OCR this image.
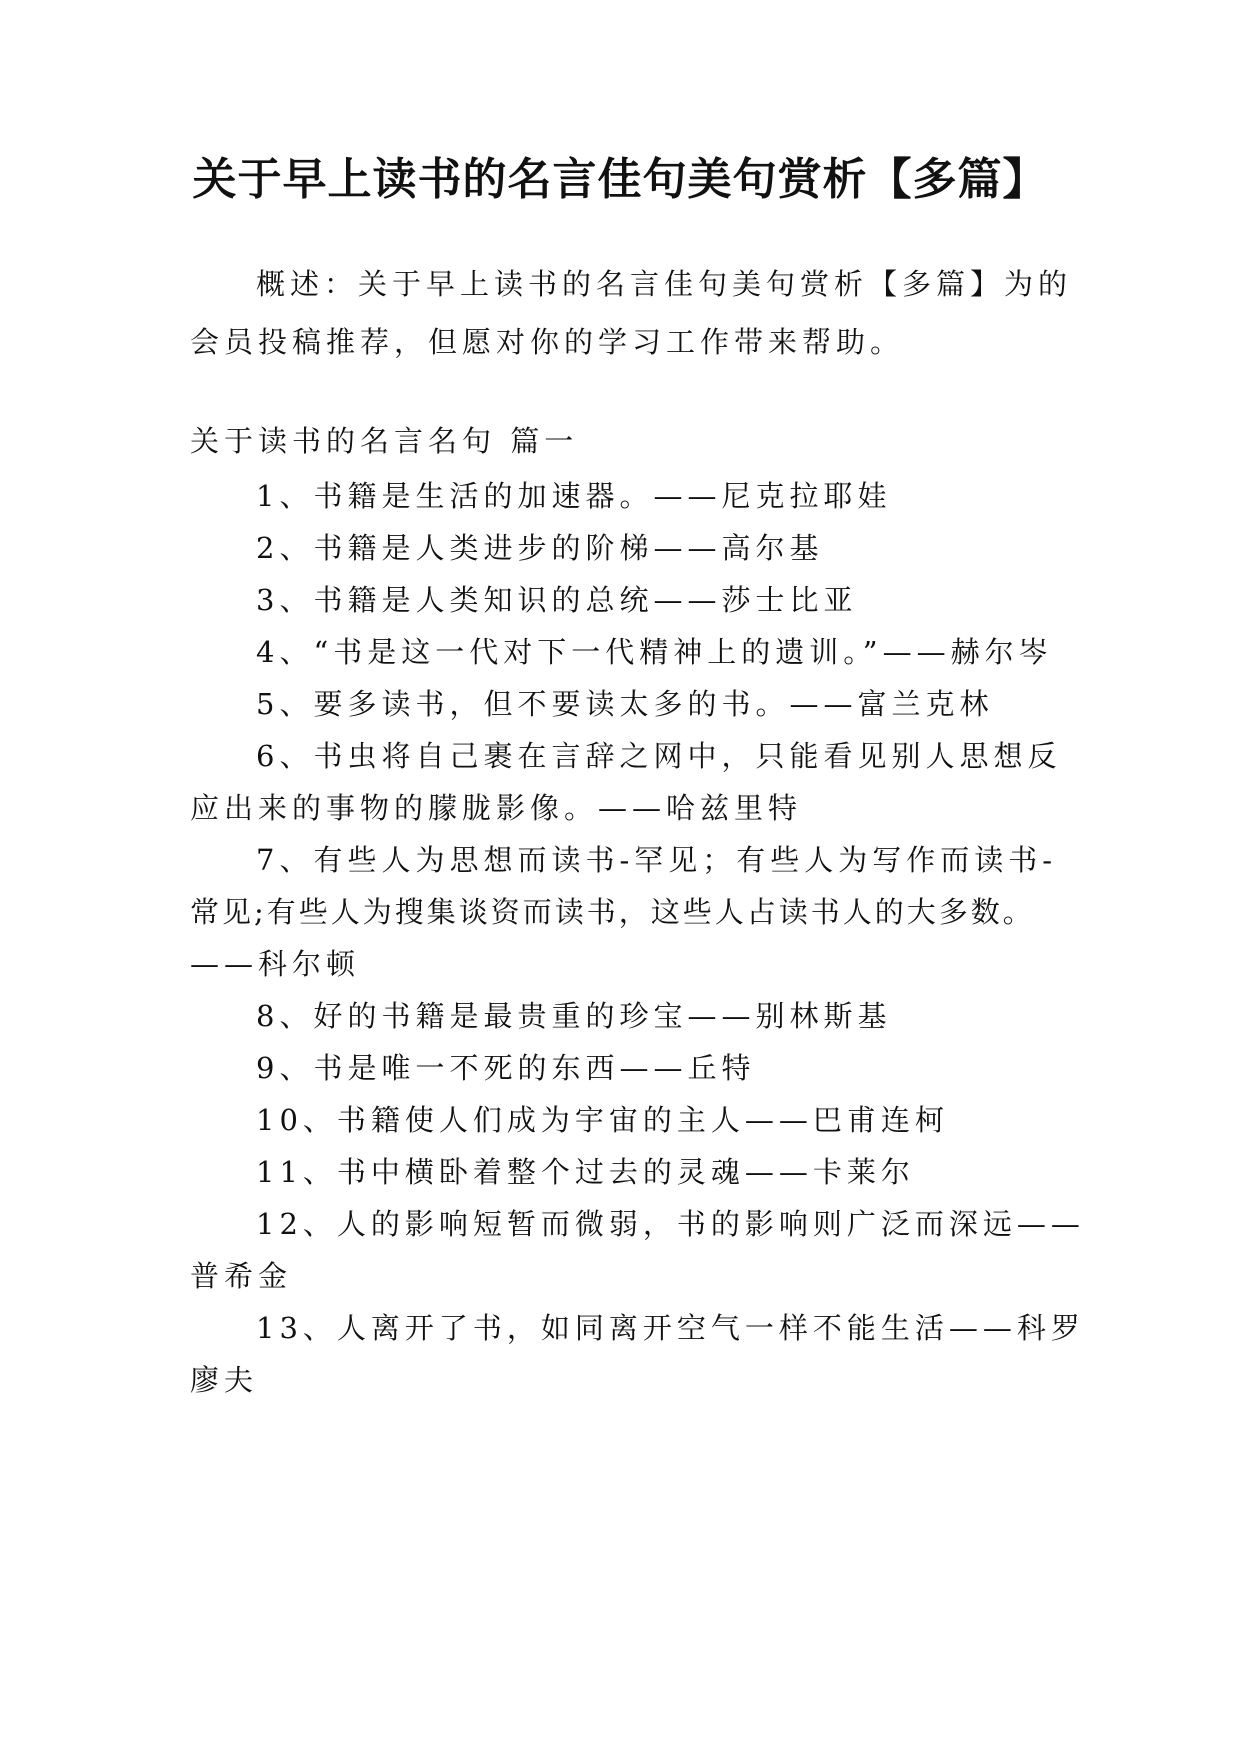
关于早上读书的名言佳句美句赏析【多篇】
概述：关于早上读书的名言佳句美句赏析【多篇】为的
会员投稿推荐，但愿对你的学习工作带来帮助。
关于读书的名言名句 篇一
1、书籍是生活的加速器。——尼克拉耶娃
2、书籍是人类进步的阶梯——高尔基
3、书籍是人类知识的总统——莎士比亚
4、“书是这一代对下一代精神上的遗训。”——赫尔岑
5、要多读书，但不要读太多的书。——富兰克林
6、书虫将自己裹在言辞之网中，只能看见别人思想反
应出来的事物的朦胧影像。——哈兹里特
7、有些人为思想而读书-罕见；有些人为写作而读书-
常见;有些人为搜集谈资而读书，这些人占读书人的大多数。
——科尔顿
8、好的书籍是最贵重的珍宝——别林斯基
9、书是唯一不死的东西——丘特
10、书籍使人们成为宇宙的主人——巴甫连柯
11、书中横卧着整个过去的灵魂——卡莱尔
12、人的影响短暂而微弱，书的影响则广泛而深远——
普希金
13、人离开了书，如同离开空气一样不能生活——科罗
廖夫
